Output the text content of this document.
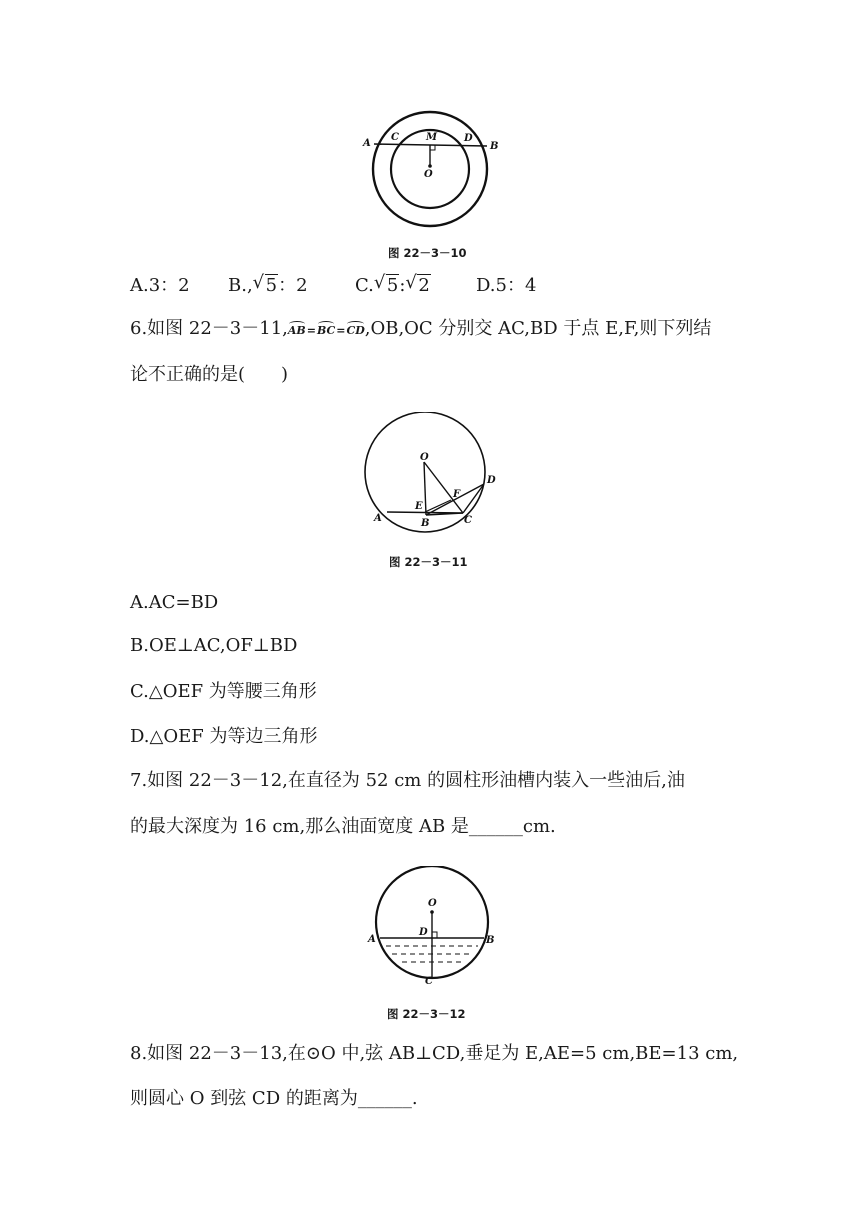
A
C	M	D
B
O
图 22－3－10
A.3：2 B., √ 5：2	C. √ 5: √ 2	D.5：4
6.如图 22－3－11,AB=BC=CD,OB,OC 分别交 AC,BD 于点 E,F,则下列结
论不正确的是(　　)
O
D
F
A
E
C
B
图 22－3－11
A.AC=BD
B.OE⊥AC,OF⊥BD
C.△OEF 为等腰三角形
D.△OEF 为等边三角形
7.如图 22－3－12,在直径为 52 cm 的圆柱形油槽内装入一些油后,油
的最大深度为 16 cm,那么油面宽度 AB 是______cm.
O
D
A	B
C
图 22－3－12
8.如图 22－3－13,在⊙O 中,弦 AB⊥CD,垂足为 E,AE=5 cm,BE=13 cm,
则圆心 O 到弦 CD 的距离为______.
